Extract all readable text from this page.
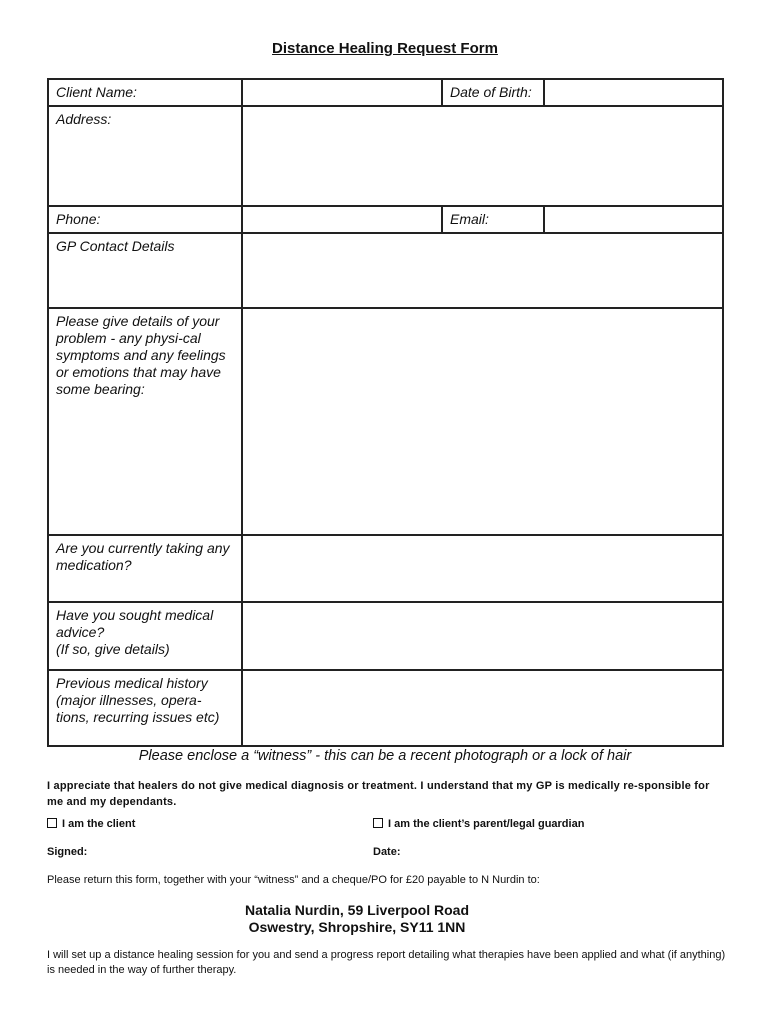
Distance Healing Request Form
Client Name:		Date of Birth:	
Address:			
Phone:		Email:	
GP Contact Details			
Please give details of your problem - any physi-cal symptoms and any feelings or emotions that may have some bearing:			
Are you currently taking any medication?			
Have you sought medical advice?
(If so, give details)			
Previous medical history (major illnesses, opera-tions, recurring issues etc)			
Please enclose a “witness” - this can be a recent photograph or a lock of hair
I appreciate that healers do not give medical diagnosis or treatment. I understand that my GP is medically re-sponsible for me and my dependants.
I am the client	I am the client’s parent/legal guardian
Signed:	Date:
Please return this form, together with your “witness” and a cheque/PO for £20 payable to N Nurdin to:
Natalia Nurdin, 59 Liverpool Road
Oswestry, Shropshire, SY11 1NN
I will set up a distance healing session for you and send a progress report detailing what therapies have been applied and what (if anything) is needed in the way of further therapy.
